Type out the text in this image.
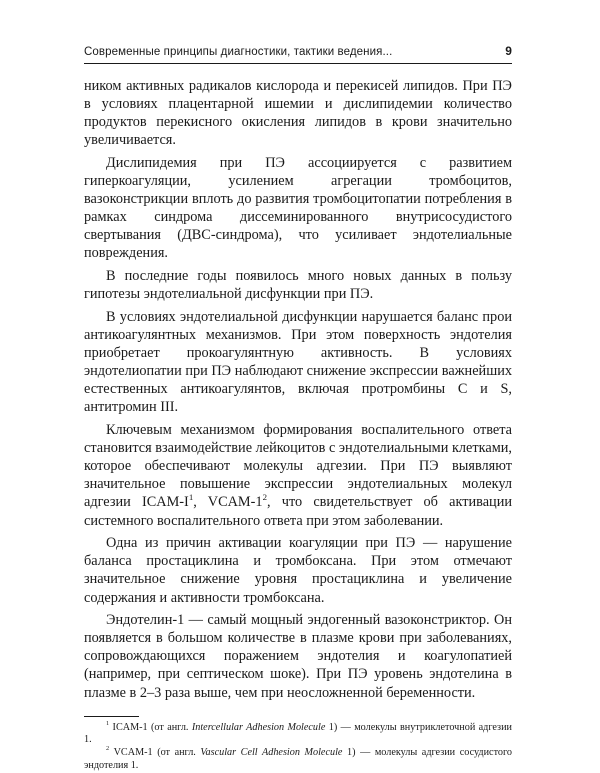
Современные принципы диагностики, тактики ведения...	9

ником активных радикалов кислорода и перекисей липидов. При ПЭ в условиях плацентарной ишемии и дислипидемии количество продуктов перекисного окисления липидов в крови значительно увеличивается.

Дислипидемия при ПЭ ассоциируется с развитием гиперкоагуляции, усилением агрегации тромбоцитов, вазоконстрикции вплоть до развития тромбоцитопатии потребления в рамках синдрома диссеминированного внутрисосудистого свертывания (ДВС-синдрома), что усиливает эндотелиальные повреждения.

В последние годы появилось много новых данных в пользу гипотезы эндотелиальной дисфункции при ПЭ.

В условиях эндотелиальной дисфункции нарушается баланс прои антикоагулянтных механизмов. При этом поверхность эндотелия приобретает прокоагулянтную активность. В условиях эндотелиопатии при ПЭ наблюдают снижение экспрессии важнейших естественных антикоагулянтов, включая протромбины C и S, антитромин III.

Ключевым механизмом формирования воспалительного ответа становится взаимодействие лейкоцитов с эндотелиальными клетками, которое обеспечивают молекулы адгезии. При ПЭ выявляют значительное повышение экспрессии эндотелиальных молекул адгезии ICAM-$I^1$, VCAM-$1^2$, что свидетельствует об активации системного воспалительного ответа при этом заболевании.

Одна из причин активации коагуляции при ПЭ — нарушение баланса простациклина и тромбоксана. При этом отмечают значительное снижение уровня простациклина и увеличение содержания и активности тромбоксана.

Эндотелин-1 — самый мощный эндогенный вазоконстриктор. Он появляется в большом количестве в плазме крови при заболеваниях, сопровождающихся поражением эндотелия и коагулопатией (например, при септическом шоке). При ПЭ уровень эндотелина в плазме в 2–3 раза выше, чем при неосложненной беременности.

$^1$ ICAM-1 (от англ. Intercellular Adhesion Molecule 1) — молекулы внутриклеточной адгезии 1.

$^2$ VCAM-1 (от англ. Vascular Cell Adhesion Molecule 1) — молекулы адгезии сосудистого эндотелия 1.
